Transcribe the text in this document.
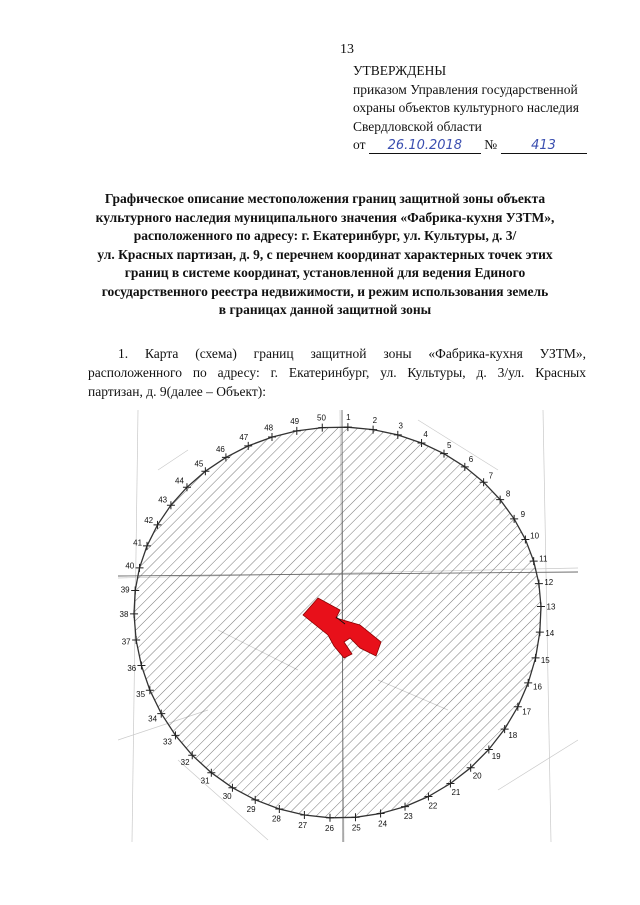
13
УТВЕРЖДЕНЫ
приказом Управления государственной
охраны объектов культурного наследия
Свердловской области
от 26.10.2018 №	413
Графическое описание местоположения границ защитной зоны объекта
культурного наследия муниципального значения «Фабрика-кухня УЗТМ»,
расположенного по адресу: г. Екатеринбург, ул. Культуры, д. 3/
ул. Красных партизан, д. 9, с перечнем координат характерных точек этих
границ в системе координат, установленной для ведения Единого
государственного реестра недвижимости, и режим использования земель
в границах данной защитной зоны
1. Карта (схема) границ защитной зоны «Фабрика-кухня УЗТМ»,
расположенного по адресу: г. Екатеринбург, ул. Культуры, д. 3/ул. Красных
партизан, д. 9(далее – Объект):
1	2
3
4
5
6
7
8
9
10
11
12
13
14
15
16
17
18
19
20
21
22
23
24
25
26
27
28
29
30
31
32
33
34
35
36
37
38
39
40
41
42
43
44
45
46
47
48
49 50
